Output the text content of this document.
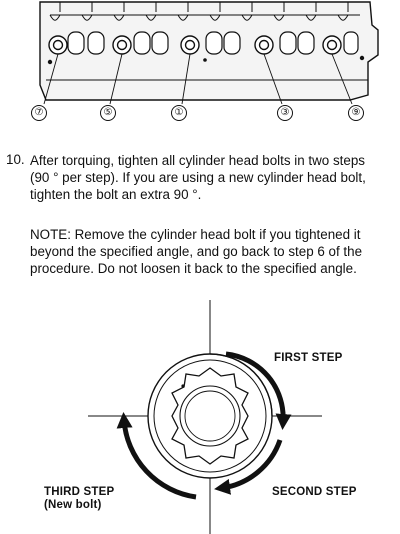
⑦	⑤	①	③	⑨
10. After torquing, tighten all cylinder head bolts in two steps (90 ° per step). If you are using a new cylinder head bolt, tighten the bolt an extra 90 °.
NOTE: Remove the cylinder head bolt if you tightened it beyond the specified angle, and go back to step 6 of the procedure. Do not loosen it back to the specified angle.
FIRST STEP
SECOND STEP
THIRD STEP
(New bolt)
